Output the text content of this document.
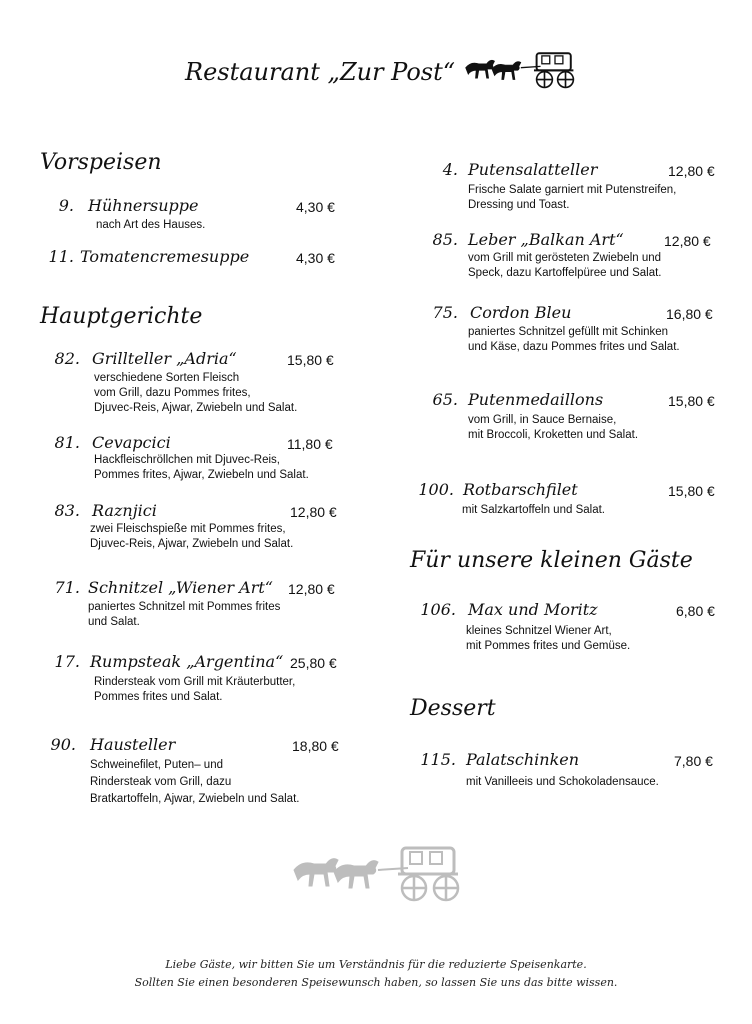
Restaurant „Zur Post“
Vorspeisen
9. Hühnersuppe	4,30 €
nach Art des Hauses.
11. Tomatencremesuppe	4,30 €
Hauptgerichte
82. Grillteller „Adria“	15,80 €
verschiedene Sorten Fleisch
vom Grill, dazu Pommes frites,
Djuvec-Reis, Ajwar, Zwiebeln und Salat.
81. Cevapcici	11,80 €
Hackfleischröllchen mit Djuvec-Reis,
Pommes frites, Ajwar, Zwiebeln und Salat.
83. Raznjici	12,80 €
zwei Fleischspieße mit Pommes frites,
Djuvec-Reis, Ajwar, Zwiebeln und Salat.
71. Schnitzel „Wiener Art“ 12,80 €
paniertes Schnitzel mit Pommes frites
und Salat.
17. Rumpsteak „Argentina“ 25,80 €
Rindersteak vom Grill mit Kräuterbutter,
Pommes frites und Salat.
90. Hausteller	18,80 €
Schweinefilet, Puten– und
Rindersteak vom Grill, dazu
Bratkartoffeln, Ajwar, Zwiebeln und Salat.
4. Putensalatteller	12,80 €
Frische Salate garniert mit Putenstreifen,
Dressing und Toast.
85. Leber „Balkan Art“	12,80 €
vom Grill mit gerösteten Zwiebeln und
Speck, dazu Kartoffelpüree und Salat.
75. Cordon Bleu	16,80 €
paniertes Schnitzel gefüllt mit Schinken
und Käse, dazu Pommes frites und Salat.
65. Putenmedaillons	15,80 €
vom Grill, in Sauce Bernaise,
mit Broccoli, Kroketten und Salat.
100. Rotbarschfilet	15,80 €
mit Salzkartoffeln und Salat.
Für unsere kleinen Gäste
106. Max und Moritz	6,80 €
kleines Schnitzel Wiener Art,
mit Pommes frites und Gemüse.
Dessert
115. Palatschinken	7,80 €
mit Vanilleeis und Schokoladensauce.
Liebe Gäste, wir bitten Sie um Verständnis für die reduzierte Speisenkarte.
Sollten Sie einen besonderen Speisewunsch haben, so lassen Sie uns das bitte wissen.
